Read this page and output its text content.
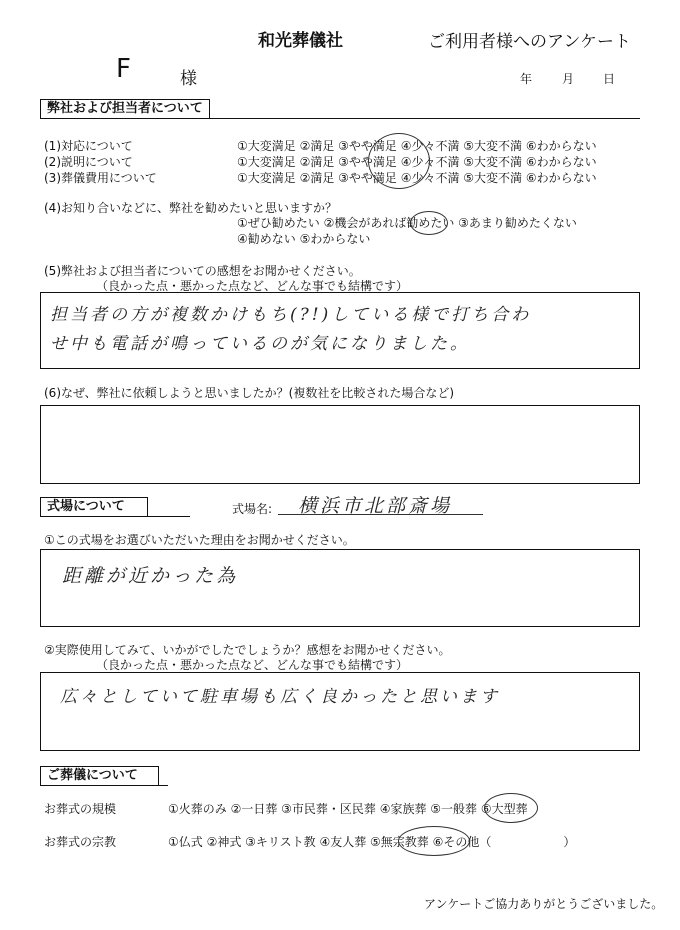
和光葬儀社	ご利用者様へのアンケート
F	様	年 月 日
弊社および担当者について
(1)対応について	①大変満足 ②満足 ③やや満足 ④少々不満 ⑤大変不満 ⑥わからない
(2)説明について	①大変満足 ②満足 ③やや満足 ④少々不満 ⑤大変不満 ⑥わからない
(3)葬儀費用について	①大変満足 ②満足 ③やや満足 ④少々不満 ⑤大変不満 ⑥わからない
(4)お知り合いなどに、弊社を勧めたいと思いますか？
①ぜひ勧めたい ②機会があれば勧めたい ③あまり勧めたくない
④勧めない ⑤わからない
(5)弊社および担当者についての感想をお聞かせください。
（良かった点・悪かった点など、どんな事でも結構です）
担当者の方が複数かけもち(?!)している様で打ち合わ
せ中も電話が鳴っているのが気になりました。
(6)なぜ、弊社に依頼しようと思いましたか？(複数社を比較された場合など)
式場について	式場名: 横浜市北部斎場
①この式場をお選びいただいた理由をお聞かせください。
距離が近かった為
②実際使用してみて、いかがでしたでしょうか？感想をお聞かせください。
（良かった点・悪かった点など、どんな事でも結構です）
広々としていて駐車場も広く良かったと思います
ご葬儀について
お葬式の規模	①火葬のみ ②一日葬 ③市民葬・区民葬 ④家族葬 ⑤一般葬 ⑥大型葬
お葬式の宗教	①仏式 ②神式 ③キリスト教 ④友人葬 ⑤無宗教葬 ⑥その他（　　　　　　）
アンケートご協力ありがとうございました。
